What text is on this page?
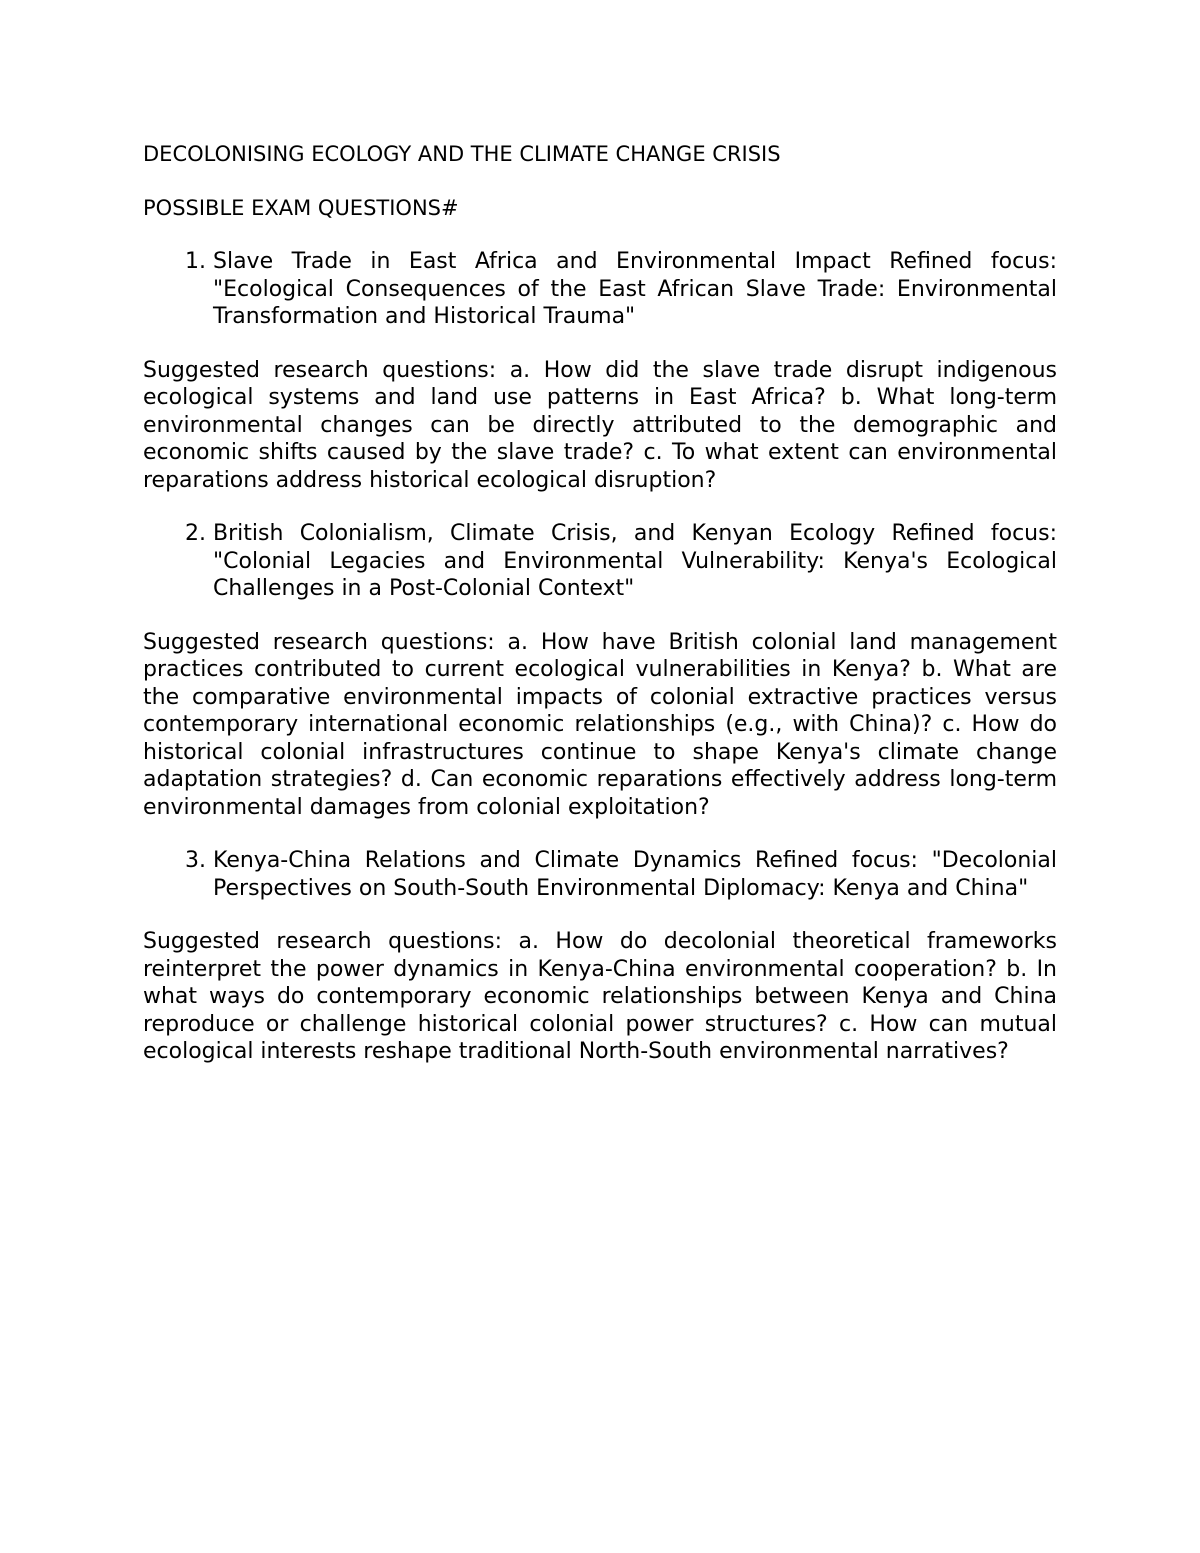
DECOLONISING ECOLOGY AND THE CLIMATE CHANGE CRISIS
POSSIBLE EXAM QUESTIONS#
1. Slave Trade in East Africa and Environmental Impact Refined focus: "Ecological Consequences of the East African Slave Trade: Environmental Transformation and Historical Trauma"

Suggested research questions: a. How did the slave trade disrupt indigenous ecological systems and land use patterns in East Africa? b. What long-term environmental changes can be directly attributed to the demographic and economic shifts caused by the slave trade? c. To what extent can environmental reparations address historical ecological disruption?

2. British Colonialism, Climate Crisis, and Kenyan Ecology Refined focus: "Colonial Legacies and Environmental Vulnerability: Kenya's Ecological Challenges in a Post-Colonial Context"

Suggested research questions: a. How have British colonial land management practices contributed to current ecological vulnerabilities in Kenya? b. What are the comparative environmental impacts of colonial extractive practices versus contemporary international economic relationships (e.g., with China)? c. How do historical colonial infrastructures continue to shape Kenya's climate change adaptation strategies? d. Can economic reparations effectively address long-term environmental damages from colonial exploitation?

3. Kenya-China Relations and Climate Dynamics Refined focus: "Decolonial Perspectives on South-South Environmental Diplomacy: Kenya and China"

Suggested research questions: a. How do decolonial theoretical frameworks reinterpret the power dynamics in Kenya-China environmental cooperation? b. In what ways do contemporary economic relationships between Kenya and China reproduce or challenge historical colonial power structures? c. How can mutual ecological interests reshape traditional North-South environmental narratives?
